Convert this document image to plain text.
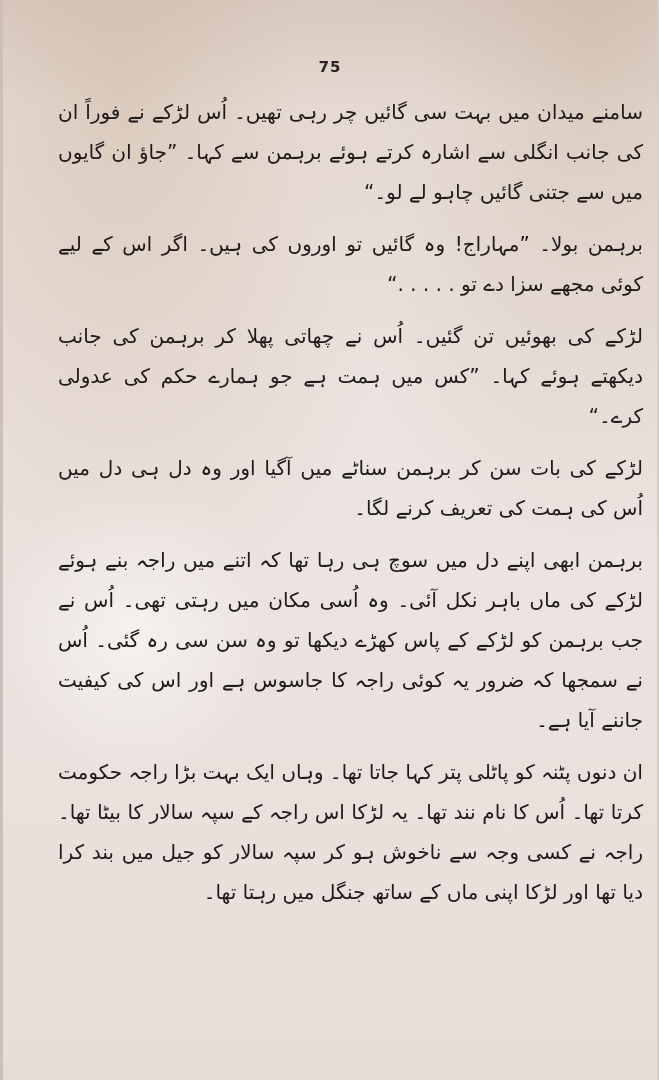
75

سامنے میدان میں بہت سی گائیں چر رہی تھیں۔ اُس لڑکے نے فوراً ان کی جانب انگلی سے اشارہ کرتے ہوئے برہمن سے کہا۔ ”جاؤ ان گایوں میں سے جتنی گائیں چاہو لے لو۔“

برہمن بولا۔ ”مہاراج! وہ گائیں تو اوروں کی ہیں۔ اگر اس کے لیے کوئی مجھے سزا دے تو . . . . .“

لڑکے کی بھوئیں تن گئیں۔ اُس نے چھاتی پھلا کر برہمن کی جانب دیکھتے ہوئے کہا۔ ”کس میں ہمت ہے جو ہمارے حکم کی عدولی کرے۔“

لڑکے کی بات سن کر برہمن سناٹے میں آگیا اور وہ دل ہی دل میں اُس کی ہمت کی تعریف کرنے لگا۔

برہمن ابھی اپنے دل میں سوچ ہی رہا تھا کہ اتنے میں راجہ بنے ہوئے لڑکے کی ماں باہر نکل آئی۔ وہ اُسی مکان میں رہتی تھی۔ اُس نے جب برہمن کو لڑکے کے پاس کھڑے دیکھا تو وہ سن سی رہ گئی۔ اُس نے سمجھا کہ ضرور یہ کوئی راجہ کا جاسوس ہے اور اس کی کیفیت جاننے آیا ہے۔

ان دنوں پٹنہ کو پاٹلی پتر کہا جاتا تھا۔ وہاں ایک بہت بڑا راجہ حکومت کرتا تھا۔ اُس کا نام نند تھا۔ یہ لڑکا اس راجہ کے سپہ سالار کا بیٹا تھا۔ راجہ نے کسی وجہ سے ناخوش ہو کر سپہ سالار کو جیل میں بند کرا دیا تھا اور لڑکا اپنی ماں کے ساتھ جنگل میں رہتا تھا۔
